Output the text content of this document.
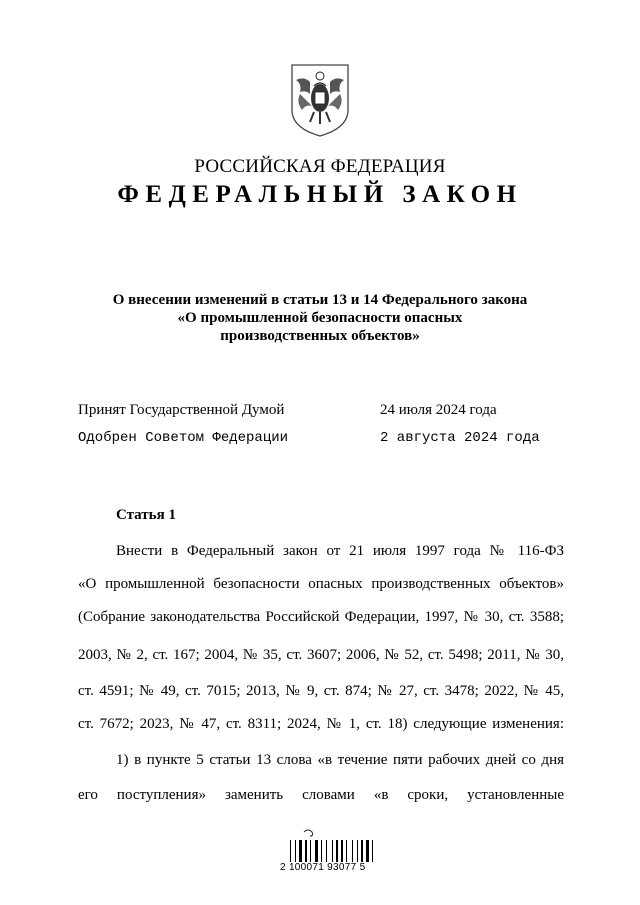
РОССИЙСКАЯ ФЕДЕРАЦИЯ
ФЕДЕРАЛЬНЫЙ ЗАКОН
О внесении изменений в статьи 13 и 14 Федерального закона
«О промышленной безопасности опасных
производственных объектов»
Принят Государственной Думой	24 июля 2024 года
Одобрен Советом Федерации	2 августа 2024 года
Статья 1
Внести в Федеральный закон от 21 июля 1997 года № 116-ФЗ
«О промышленной безопасности опасных производственных объектов»
(Собрание законодательства Российской Федерации, 1997, № 30, ст. 3588;
2003, № 2, ст. 167; 2004, № 35, ст. 3607; 2006, № 52, ст. 5498; 2011, № 30,
ст. 4591; № 49, ст. 7015; 2013, № 9, ст. 874; № 27, ст. 3478; 2022, № 45,
ст. 7672; 2023, № 47, ст. 8311; 2024, № 1, ст. 18) следующие изменения:
1) в пункте 5 статьи 13 слова «в течение пяти рабочих дней со дня
его поступления» заменить словами «в сроки, установленные
2 100071 93077 5
